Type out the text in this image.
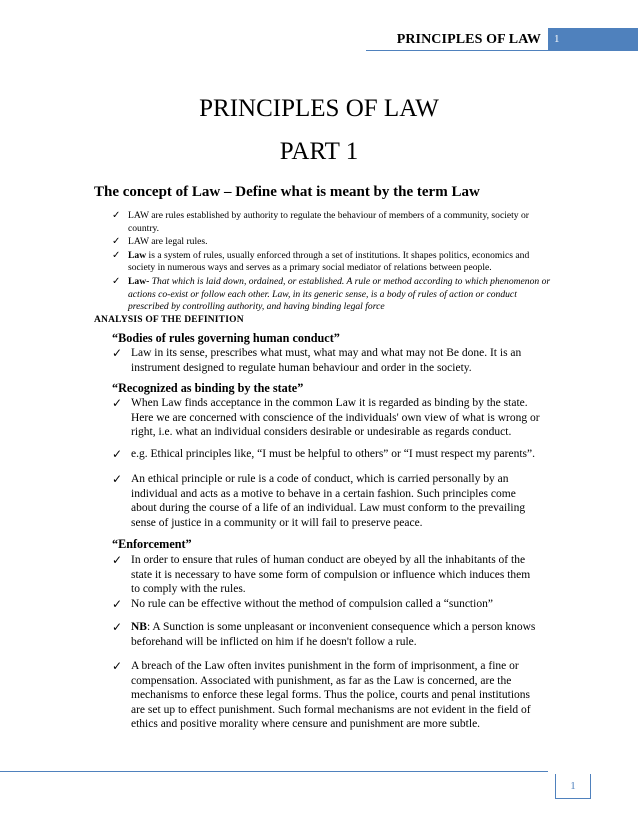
PRINCIPLES OF LAW	1
PRINCIPLES OF LAW
PART 1
The concept of Law – Define what is meant by the term Law
✓ LAW are rules established by authority to regulate the behaviour of members of a community, society or country.
✓ LAW are legal rules.
✓ Law is a system of rules, usually enforced through a set of institutions. It shapes politics, economics and society in numerous ways and serves as a primary social mediator of relations between people.
✓ Law- That which is laid down, ordained, or established. A rule or method according to which phenomenon or actions co-exist or follow each other. Law, in its generic sense, is a body of rules of action or conduct prescribed by controlling authority, and having binding legal force
ANALYSIS OF THE DEFINITION
“Bodies of rules governing human conduct”
✓ Law in its sense, prescribes what must, what may and what may not Be done. It is an instrument designed to regulate human behaviour and order in the society.
“Recognized as binding by the state”
✓ When Law finds acceptance in the common Law it is regarded as binding by the state. Here we are concerned with conscience of the individuals' own view of what is wrong or right, i.e. what an individual considers desirable or undesirable as regards conduct.
✓ e.g. Ethical principles like, “I must be helpful to others” or “I must respect my parents”.
✓ An ethical principle or rule is a code of conduct, which is carried personally by an individual and acts as a motive to behave in a certain fashion. Such principles come about during the course of a life of an individual. Law must conform to the prevailing sense of justice in a community or it will fail to preserve peace.
“Enforcement”
✓ In order to ensure that rules of human conduct are obeyed by all the inhabitants of the state it is necessary to have some form of compulsion or influence which induces them to comply with the rules.
✓ No rule can be effective without the method of compulsion called a “sunction”
✓ NB: A Sunction is some unpleasant or inconvenient consequence which a person knows beforehand will be inflicted on him if he doesn't follow a rule.
✓ A breach of the Law often invites punishment in the form of imprisonment, a fine or compensation. Associated with punishment, as far as the Law is concerned, are the mechanisms to enforce these legal forms. Thus the police, courts and penal institutions are set up to effect punishment. Such formal mechanisms are not evident in the field of ethics and positive morality where censure and punishment are more subtle.
1
